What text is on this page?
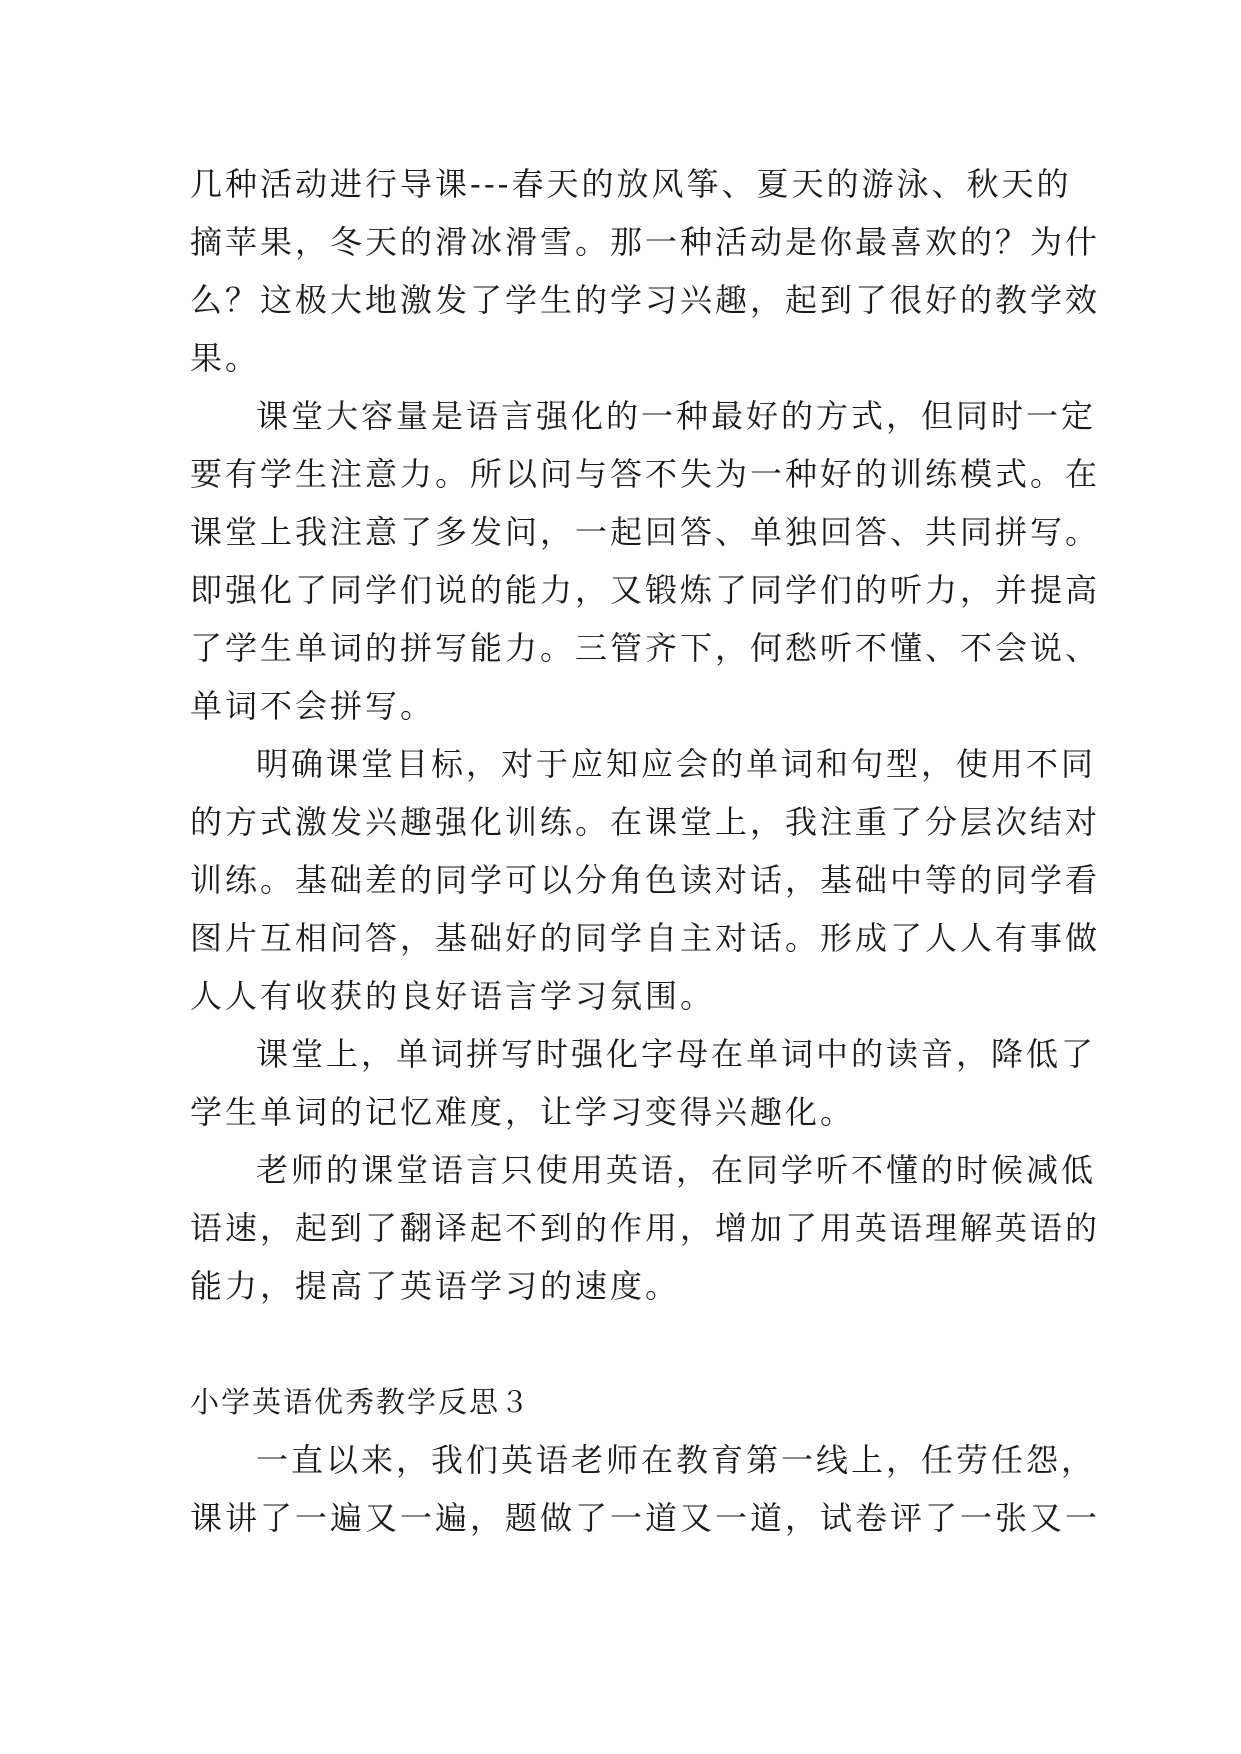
几种活动进行导课---春天的放风筝、夏天的游泳、秋天的
摘苹果，冬天的滑冰滑雪。那一种活动是你最喜欢的？为什
么？这极大地激发了学生的学习兴趣，起到了很好的教学效
果。
课堂大容量是语言强化的一种最好的方式，但同时一定
要有学生注意力。所以问与答不失为一种好的训练模式。在
课堂上我注意了多发问，一起回答、单独回答、共同拼写。
即强化了同学们说的能力，又锻炼了同学们的听力，并提高
了学生单词的拼写能力。三管齐下，何愁听不懂、不会说、
单词不会拼写。
明确课堂目标，对于应知应会的单词和句型，使用不同
的方式激发兴趣强化训练。在课堂上，我注重了分层次结对
训练。基础差的同学可以分角色读对话，基础中等的同学看
图片互相问答，基础好的同学自主对话。形成了人人有事做
人人有收获的良好语言学习氛围。
课堂上，单词拼写时强化字母在单词中的读音，降低了
学生单词的记忆难度，让学习变得兴趣化。
老师的课堂语言只使用英语，在同学听不懂的时候减低
语速，起到了翻译起不到的作用，增加了用英语理解英语的
能力，提高了英语学习的速度。
小学英语优秀教学反思３
一直以来，我们英语老师在教育第一线上，任劳任怨，
课讲了一遍又一遍，题做了一道又一道，试卷评了一张又一
